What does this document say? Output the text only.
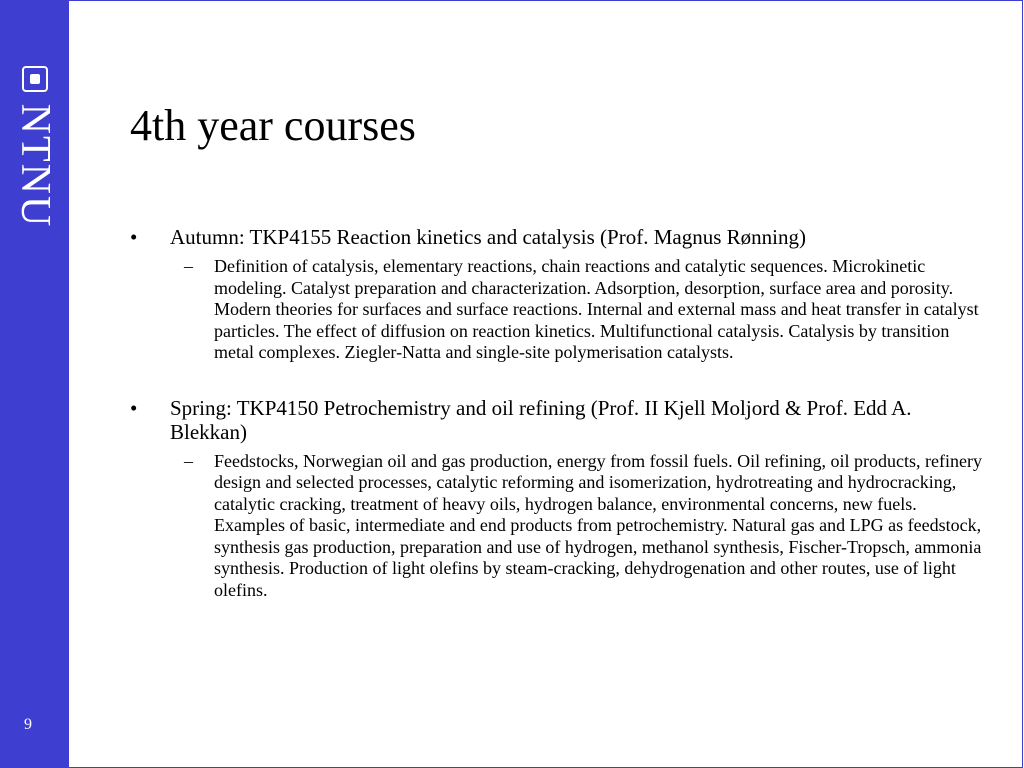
NTNU
9
4th year courses
• Autumn: TKP4155 Reaction kinetics and catalysis (Prof. Magnus Rønning)
– Definition of catalysis, elementary reactions, chain reactions and catalytic sequences. Microkinetic modeling. Catalyst preparation and characterization. Adsorption, desorption, surface area and porosity. Modern theories for surfaces and surface reactions. Internal and external mass and heat transfer in catalyst particles. The effect of diffusion on reaction kinetics. Multifunctional catalysis. Catalysis by transition metal complexes. Ziegler-Natta and single-site polymerisation catalysts.
• Spring: TKP4150 Petrochemistry and oil refining (Prof. II Kjell Moljord & Prof. Edd A. Blekkan)
– Feedstocks, Norwegian oil and gas production, energy from fossil fuels. Oil refining, oil products, refinery design and selected processes, catalytic reforming and isomerization, hydrotreating and hydrocracking, catalytic cracking, treatment of heavy oils, hydrogen balance, environmental concerns, new fuels. Examples of basic, intermediate and end products from petrochemistry. Natural gas and LPG as feedstock, synthesis gas production, preparation and use of hydrogen, methanol synthesis, Fischer-Tropsch, ammonia synthesis. Production of light olefins by steam-cracking, dehydrogenation and other routes, use of light olefins.
